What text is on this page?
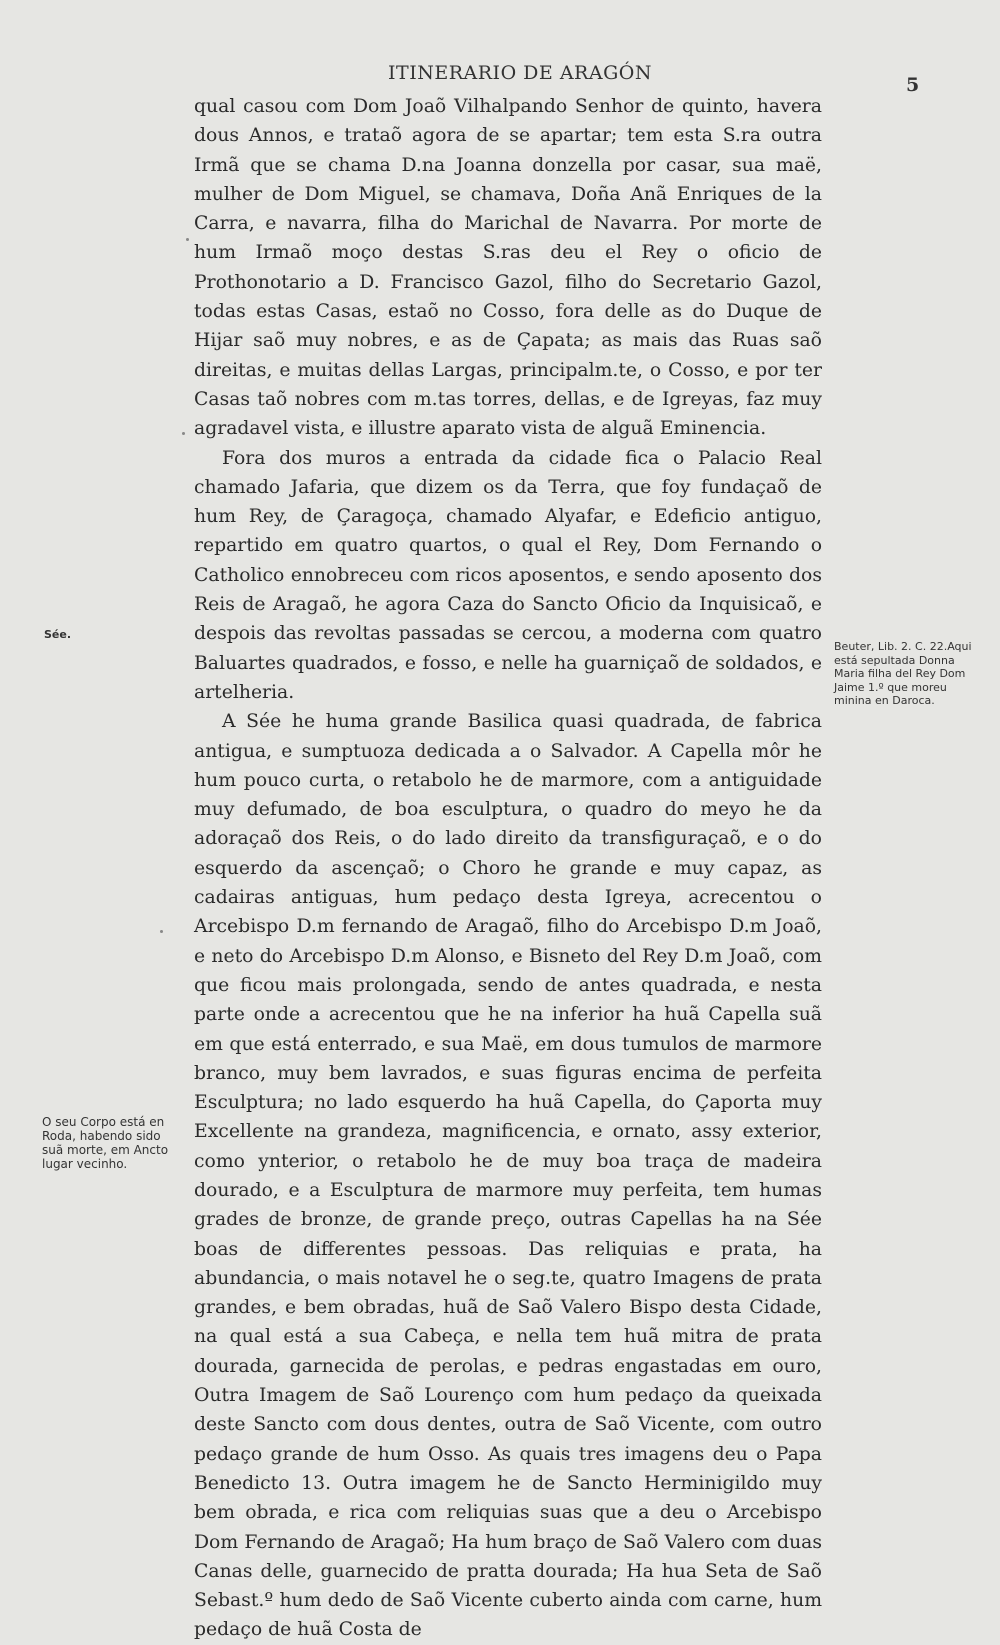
ITINERARIO DE ARAGÓN
5

qual casou com Dom Joaõ Vilhalpando Senhor de quinto, havera dous Annos, e trataõ agora de se apartar; tem esta S.ra outra Irmã que se chama D.na Joanna donzella por casar, sua maë, mulher de Dom Miguel, se chamava, Doña Anã Enriques de la Carra, e navarra, filha do Marichal de Navarra. Por morte de hum Irmaõ moço destas S.ras deu el Rey o oficio de Prothonotario a D. Francisco Gazol, filho do Secretario Gazol, todas estas Casas, estaõ no Cosso, fora delle as do Duque de Hijar saõ muy nobres, e as de Çapata; as mais das Ruas saõ direitas, e muitas dellas Largas, principalm.te, o Cosso, e por ter Casas taõ nobres com m.tas torres, dellas, e de Igreyas, faz muy agradavel vista, e illustre aparato vista de alguã Eminencia.

Fora dos muros a entrada da cidade fica o Palacio Real chamado Jafaria, que dizem os da Terra, que foy fundaçaõ de hum Rey, de Çaragoça, chamado Alyafar, e Edeficio antiguo, repartido em quatro quartos, o qual el Rey, Dom Fernando o Catholico ennobreceu com ricos aposentos, e sendo aposento dos Reis de Aragaõ, he agora Caza do Sancto Oficio da Inquisicaõ, e despois das revoltas passadas se cercou, a moderna com quatro Baluartes quadrados, e fosso, e nelle ha guarniçaõ de soldados, e artelheria.

A Sée he huma grande Basilica quasi quadrada, de fabrica antigua, e sumptuoza dedicada a o Salvador. A Capella môr he hum pouco curta, o retabolo he de marmore, com a antiguidade muy defumado, de boa esculptura, o quadro do meyo he da adoraçaõ dos Reis, o do lado direito da transfiguraçaõ, e o do esquerdo da ascençaõ; o Choro he grande e muy capaz, as cadairas antiguas, hum pedaço desta Igreya, acrecentou o Arcebispo D.m fernando de Aragaõ, filho do Arcebispo D.m Joaõ, e neto do Arcebispo D.m Alonso, e Bisneto del Rey D.m Joaõ, com que ficou mais prolongada, sendo de antes quadrada, e nesta parte onde a acrecentou que he na inferior ha huã Capella suã em que está enterrado, e sua Maë, em dous tumulos de marmore branco, muy bem lavrados, e suas figuras encima de perfeita Esculptura; no lado esquerdo ha huã Capella, do Çaporta muy Excellente na grandeza, magnificencia, e ornato, assy exterior, como ynterior, o retabolo he de muy boa traça de madeira dourado, e a Esculptura de marmore muy perfeita, tem humas grades de bronze, de grande preço, outras Capellas ha na Sée boas de differentes pessoas. Das reliquias e prata, ha abundancia, o mais notavel he o seg.te, quatro Imagens de prata grandes, e bem obradas, huã de Saõ Valero Bispo desta Cidade, na qual está a sua Cabeça, e nella tem huã mitra de prata dourada, garnecida de perolas, e pedras engastadas em ouro, Outra Imagem de Saõ Lourenço com hum pedaço da queixada deste Sancto com dous dentes, outra de Saõ Vicente, com outro pedaço grande de hum Osso. As quais tres imagens deu o Papa Benedicto 13. Outra imagem he de Sancto Herminigildo muy bem obrada, e rica com reliquias suas que a deu o Arcebispo Dom Fernando de Aragaõ; Ha hum braço de Saõ Valero com duas Canas delle, guarnecido de pratta dourada; Ha hua Seta de Saõ Sebast.º hum dedo de Saõ Vicente cuberto ainda com carne, hum pedaço de huã Costa de

Sée.
Beuter, Lib. 2. C. 22.Aqui está sepultada Donna Maria filha del Rey Dom Jaime 1.º que moreu minina en Daroca.
O seu Corpo está en Roda, habendo sido suã morte, em Ancto lugar vecinho.
